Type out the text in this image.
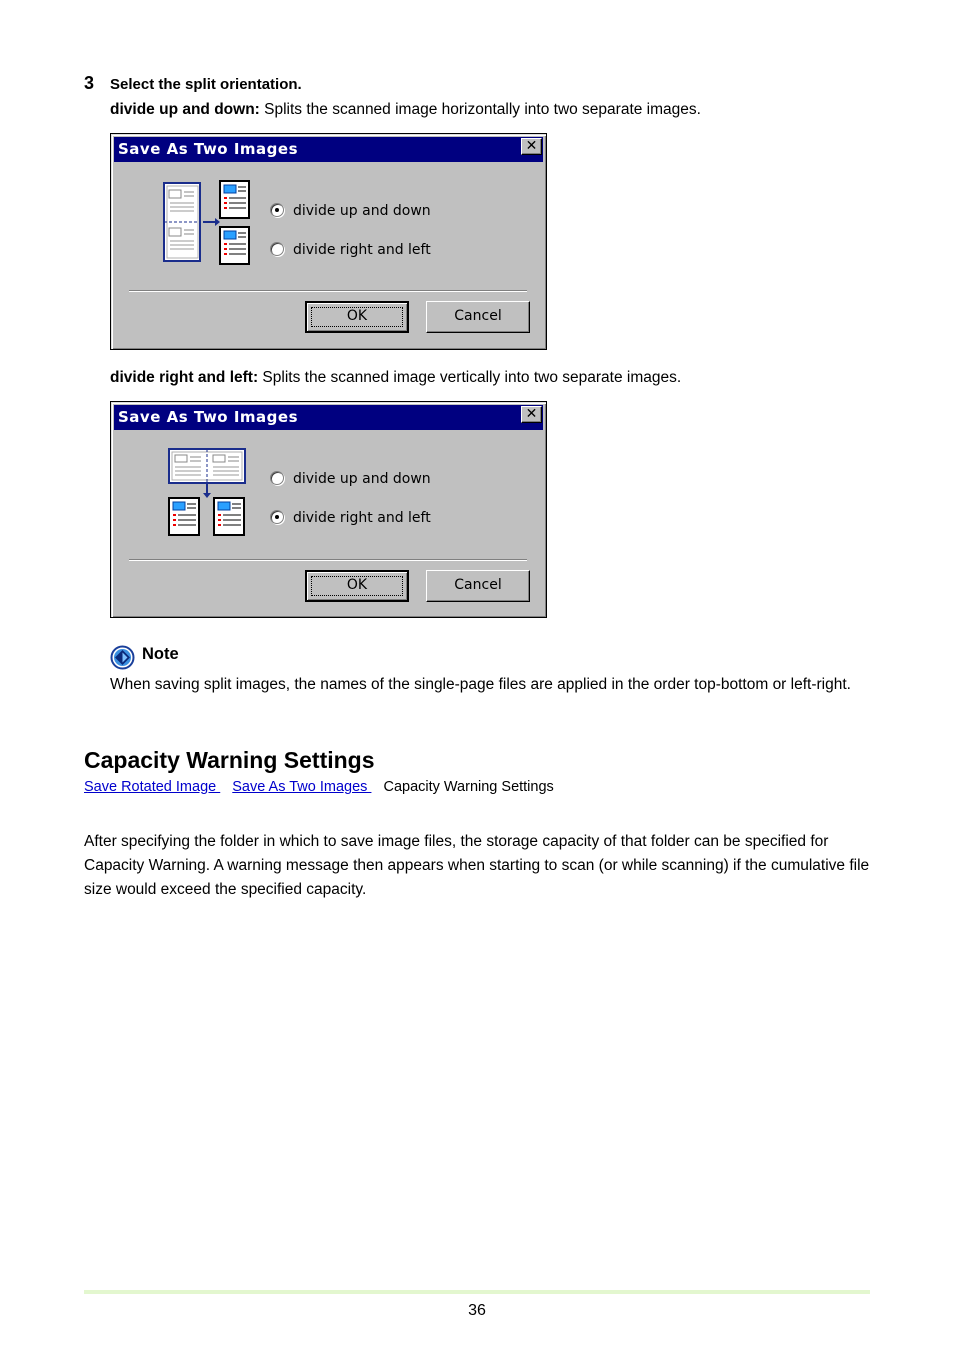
3 Select the split orientation.
divide up and down: Splits the scanned image horizontally into two separate images.
Save As Two Images	✕
divide up and down
divide right and left
OK	Cancel
divide right and left: Splits the scanned image vertically into two separate images.
Save As Two Images	✕
divide up and down
divide right and left
OK	Cancel
Note
When saving split images, the names of the single-page files are applied in the order top-bottom or left-right.
Capacity Warning Settings
Save Rotated Image  Save As Two Images  Capacity Warning Settings
After specifying the folder in which to save image files, the storage capacity of that folder can be specified for Capacity Warning. A warning message then appears when starting to scan (or while scanning) if the cumulative file size would exceed the specified capacity.
36
